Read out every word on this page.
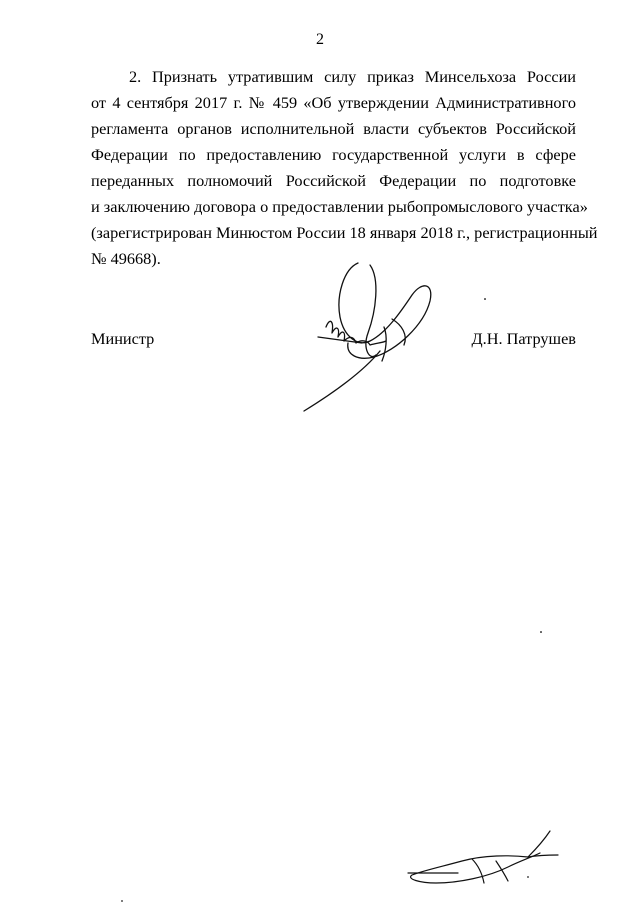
2
2. Признать утратившим силу приказ Минсельхоза России
от 4 сентября 2017 г. № 459 «Об утверждении Административного
регламента органов исполнительной власти субъектов Российской
Федерации по предоставлению государственной услуги в сфере
переданных полномочий Российской Федерации по подготовке
и заключению договора о предоставлении рыбопромыслового участка»
(зарегистрирован Минюстом России 18 января 2018 г., регистрационный
№ 49668).
Министр	Д.Н. Патрушев
